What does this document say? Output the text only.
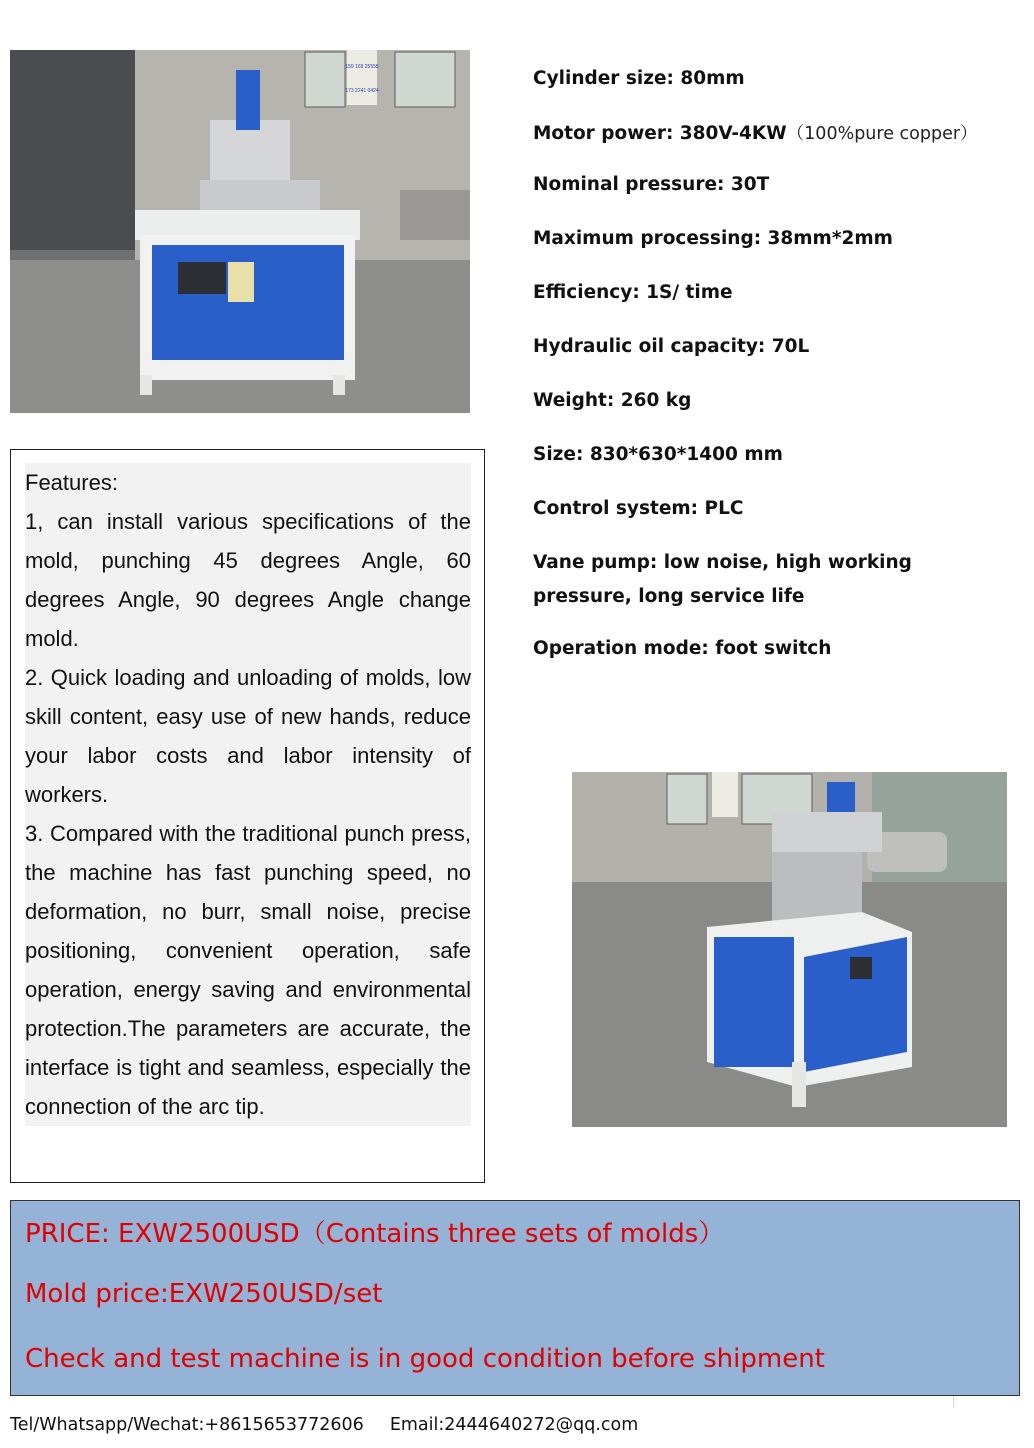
159 169 25555
173 2241 0424
Cylinder size: 80mm
Motor power: 380V-4KW（100%pure copper）
Nominal pressure: 30T
Maximum processing: 38mm*2mm
Efficiency: 1S/ time
Hydraulic oil capacity: 70L
Weight: 260 kg
Size: 830*630*1400 mm
Control system: PLC
Vane pump: low noise, high working pressure, long service life
Operation mode: foot switch

Features:

1, can install various specifications of the mold, punching 45 degrees Angle, 60 degrees Angle, 90 degrees Angle change mold.

2. Quick loading and unloading of molds, low skill content, easy use of new hands, reduce your labor costs and labor intensity of workers.

3. Compared with the traditional punch press, the machine has fast punching speed, no deformation, no burr, small noise, precise positioning, convenient operation, safe operation, energy saving and environmental protection.The parameters are accurate, the interface is tight and seamless, especially the connection of the arc tip.

PRICE: EXW2500USD（Contains three sets of molds）

Mold price:EXW250USD/set

Check and test machine is in good condition before shipment

Tel/Whatsapp/Wechat:+8615653772606 Email:2444640272@qq.com
